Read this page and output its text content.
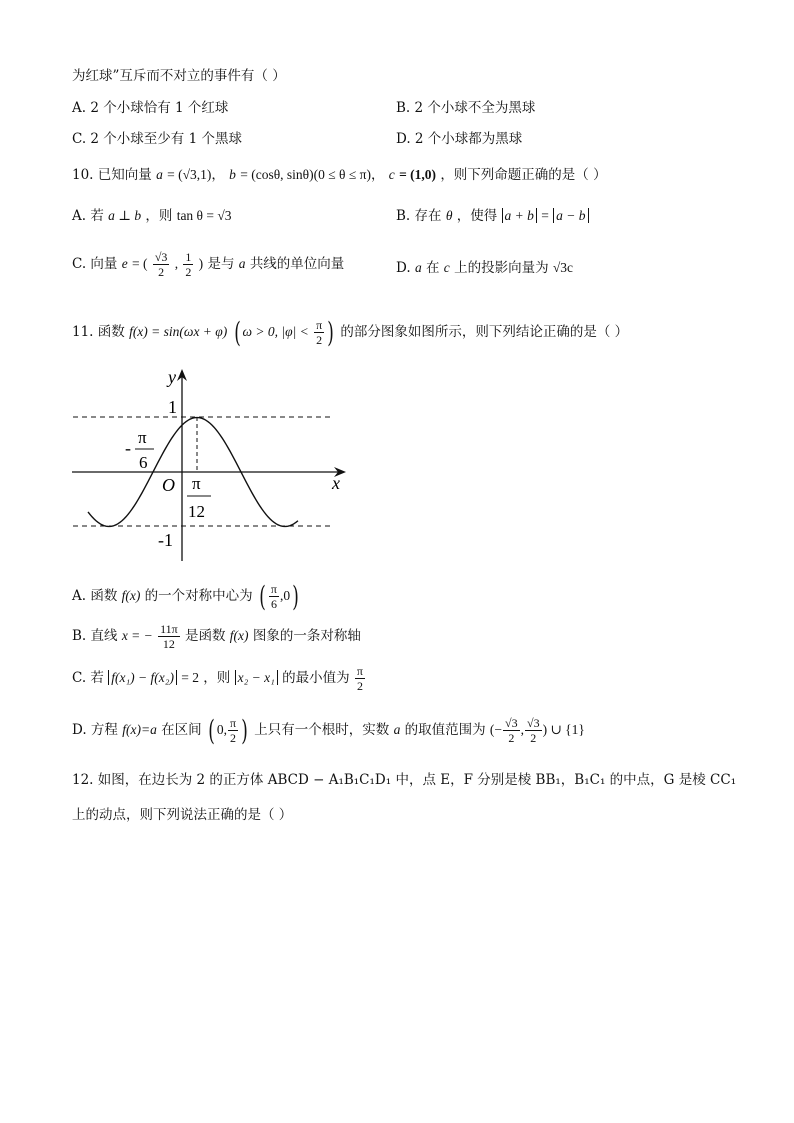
为红球”互斥而不对立的事件有（ ）
A. 2 个小球恰有 1 个红球	B. 2 个小球不全为黑球
C. 2 个小球至少有 1 个黑球	D. 2 个小球都为黑球
10. 已知向量 a = (√3,1)， b = (cosθ, sinθ)(0 ≤ θ ≤ π)， c = (1,0) ，则下列命题正确的是（ ）
A. 若 a ⊥ b ，则 tan θ = √3	B. 存在 θ ，使得 a + b = a − b
C. 向量 e = ( $\frac{√3}{2}$ , $\frac{1}{2}$ ) 是与 a 共线的单位向量	D. a 在 c 上的投影向量为 √3c
11. 函数 f(x) = sin(ωx + φ) ( ω > 0, $|\varphi| < \frac{\pi}{2}$ ) 的部分图象如图所示，则下列结论正确的是（ ）
y
x
O
1
-1
-
π
6
π
12
A. 函数 f(x) 的一个对称中心为 ( $\frac{\pi}{6} ,0$)
B. 直线 x = − $\frac{11\pi}{12}$ 是函数 f(x) 图象的一条对称轴
C. 若 f(x₁) − f(x₂) = 2 ，则 x₂ − x₁ 的最小值为 $\frac{\pi}{2}$
D. 方程 f(x)=a 在区间 ( 0, $\frac{\pi}{2}$ ) 上只有一个根时，实数 a 的取值范围为 (− $\frac{√3}{2}$ , $\frac{√3}{2}$ ) ∪ {1}
12. 如图，在边长为 2 的正方体 ABCD − A₁B₁C₁D₁ 中，点 E，F 分别是棱 BB₁，B₁C₁ 的中点，G 是棱 CC₁
上的动点，则下列说法正确的是（ ）
